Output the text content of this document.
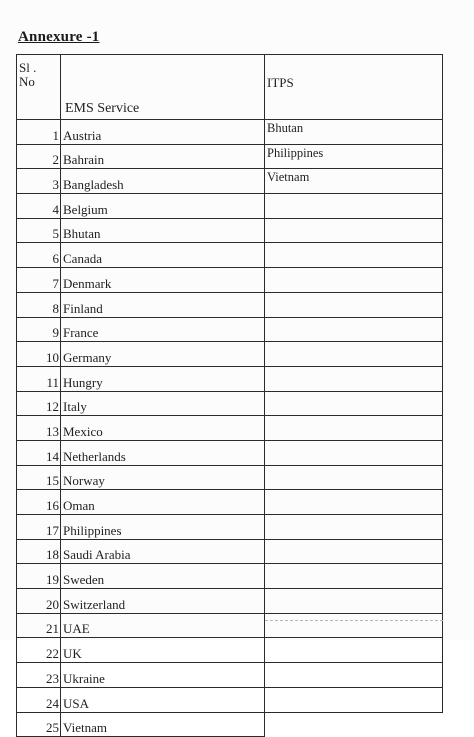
Annexure -1
Sl .
No	EMS Service	ITPS
1	Austria	Bhutan
2	Bahrain	Philippines
3	Bangladesh	Vietnam
4	Belgium	
5	Bhutan	
6	Canada	
7	Denmark	
8	Finland	
9	France	
10	Germany	
11	Hungry	
12	Italy	
13	Mexico	
14	Netherlands	
15	Norway	
16	Oman	
17	Philippines	
18	Saudi Arabia	
19	Sweden	
20	Switzerland	
21	UAE	
22	UK	
23	Ukraine	
24	USA	
25	Vietnam	
